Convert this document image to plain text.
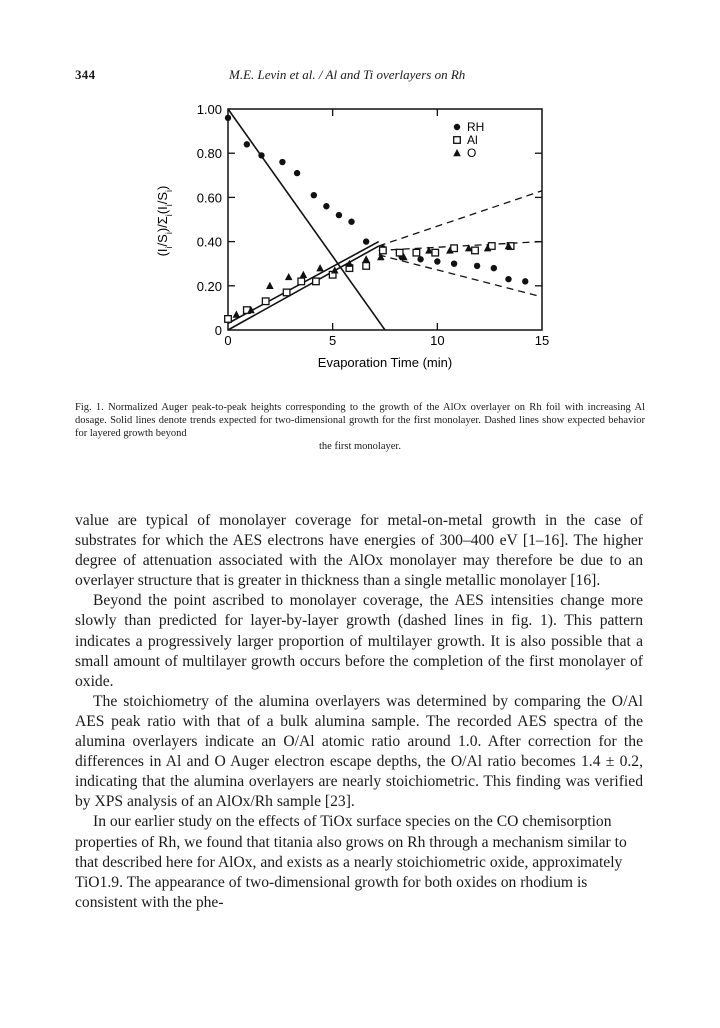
344	M.E. Levin et al. / Al and Ti overlayers on Rh
0
0.20
0.40
0.60
0.80
1.00
0	5	10	15
RH
Al
O
$(I_i/S_i)/\Sigma_i(I_i/S_i)$
Evaporation Time (min)
Fig. 1. Normalized Auger peak-to-peak heights corresponding to the growth of the AlOx overlayer on Rh foil with increasing Al dosage. Solid lines denote trends expected for two-dimensional growth for the first monolayer. Dashed lines show expected behavior for layered growth beyond
the first monolayer.

value are typical of monolayer coverage for metal-on-metal growth in the case of substrates for which the AES electrons have energies of 300–400 eV [1–16]. The higher degree of attenuation associated with the AlOx monolayer may therefore be due to an overlayer structure that is greater in thickness than a single metallic monolayer [16].

Beyond the point ascribed to monolayer coverage, the AES intensities change more slowly than predicted for layer-by-layer growth (dashed lines in fig. 1). This pattern indicates a progressively larger proportion of multilayer growth. It is also possible that a small amount of multilayer growth occurs before the completion of the first monolayer of oxide.

The stoichiometry of the alumina overlayers was determined by comparing the O/Al AES peak ratio with that of a bulk alumina sample. The recorded AES spectra of the alumina overlayers indicate an O/Al atomic ratio around 1.0. After correction for the differences in Al and O Auger electron escape depths, the O/Al ratio becomes 1.4 ± 0.2, indicating that the alumina overlayers are nearly stoichiometric. This finding was verified by XPS analysis of an AlOx/Rh sample [23].

In our earlier study on the effects of TiOx surface species on the CO chemisorption properties of Rh, we found that titania also grows on Rh through a mechanism similar to that described here for AlOx, and exists as a nearly stoichiometric oxide, approximately TiO1.9. The appearance of two-dimensional growth for both oxides on rhodium is consistent with the phe-
